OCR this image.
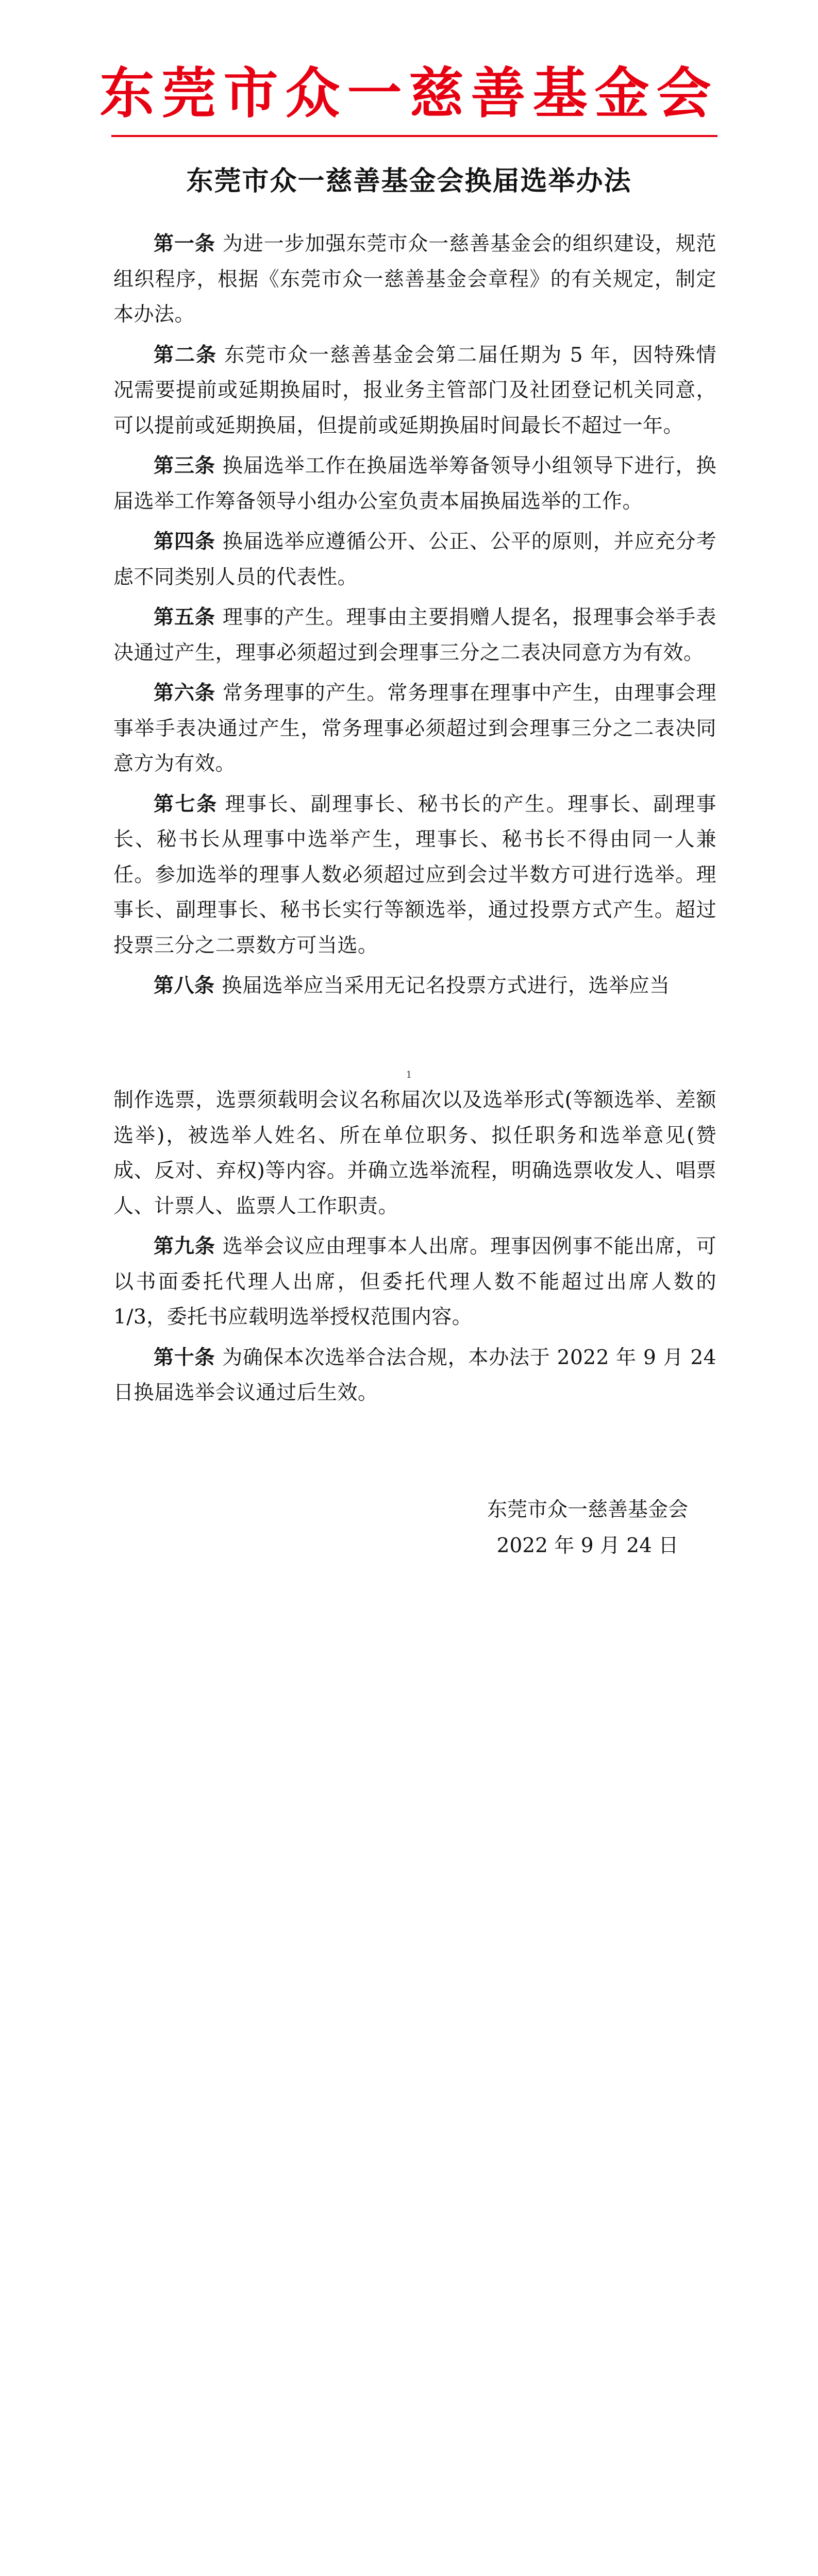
东莞市众一慈善基金会
东莞市众一慈善基金会换届选举办法

第一条 为进一步加强东莞市众一慈善基金会的组织建设，规范组织程序，根据《东莞市众一慈善基金会章程》的有关规定，制定本办法。

第二条 东莞市众一慈善基金会第二届任期为 5 年，因特殊情况需要提前或延期换届时，报业务主管部门及社团登记机关同意，可以提前或延期换届，但提前或延期换届时间最长不超过一年。

第三条 换届选举工作在换届选举筹备领导小组领导下进行，换届选举工作筹备领导小组办公室负责本届换届选举的工作。

第四条 换届选举应遵循公开、公正、公平的原则，并应充分考虑不同类别人员的代表性。

第五条 理事的产生。理事由主要捐赠人提名，报理事会举手表决通过产生，理事必须超过到会理事三分之二表决同意方为有效。

第六条 常务理事的产生。常务理事在理事中产生，由理事会理事举手表决通过产生，常务理事必须超过到会理事三分之二表决同意方为有效。

第七条 理事长、副理事长、秘书长的产生。理事长、副理事长、秘书长从理事中选举产生，理事长、秘书长不得由同一人兼任。参加选举的理事人数必须超过应到会过半数方可进行选举。理事长、副理事长、秘书长实行等额选举，通过投票方式产生。超过投票三分之二票数方可当选。

第八条 换届选举应当采用无记名投票方式进行，选举应当

1

制作选票，选票须载明会议名称届次以及选举形式(等额选举、差额选举)，被选举人姓名、所在单位职务、拟任职务和选举意见(赞成、反对、弃权)等内容。并确立选举流程，明确选票收发人、唱票人、计票人、监票人工作职责。

第九条 选举会议应由理事本人出席。理事因例事不能出席，可以书面委托代理人出席，但委托代理人数不能超过出席人数的 1/3，委托书应载明选举授权范围内容。

第十条 为确保本次选举合法合规，本办法于 2022 年 9 月 24 日换届选举会议通过后生效。

东莞市众一慈善基金会
2022 年 9 月 24 日
